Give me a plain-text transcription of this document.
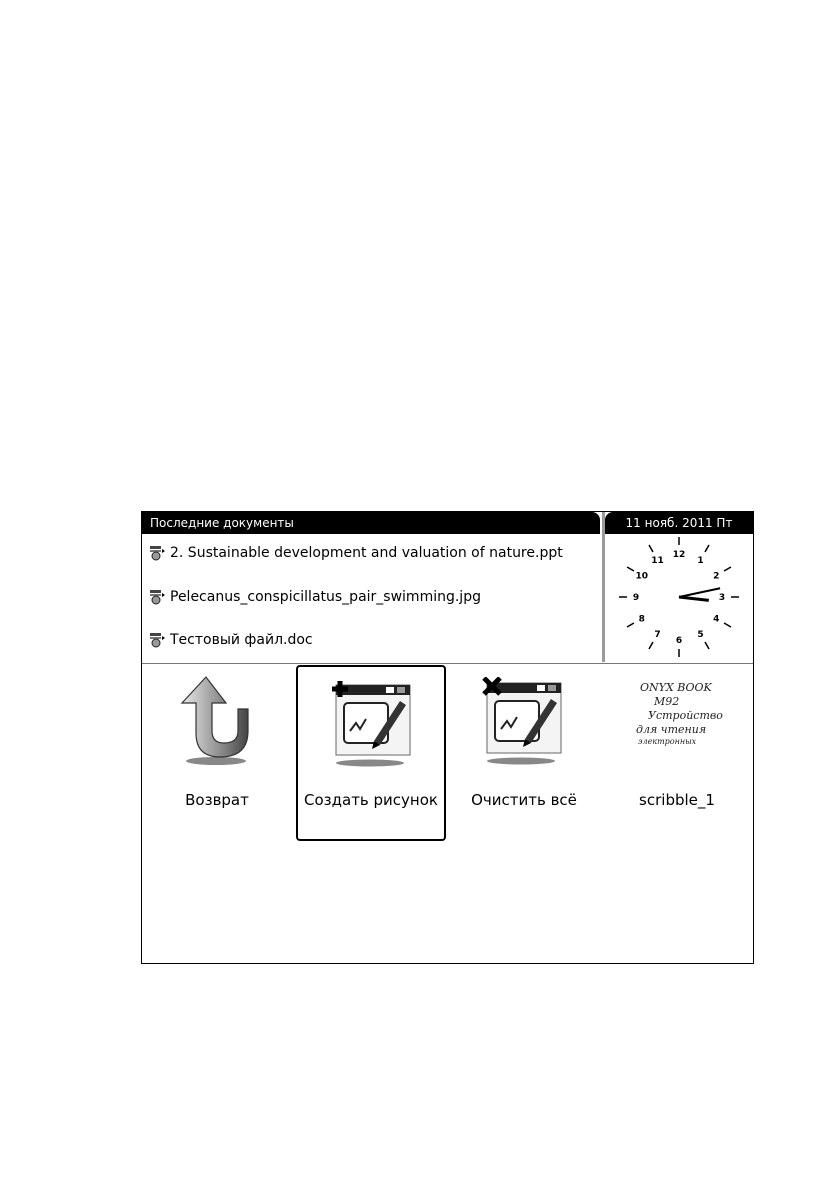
Последние документы
2. Sustainable development and valuation of nature.ppt
Pelecanus_conspicillatus_pair_swimming.jpg
Тестовый файл.doc
11 нояб. 2011 Пт
12
1
2
3
4
5
6
7
8
9
10
11
Возврат	Создать рисунок	Очистить всё
ONYX BOOK
M92
Устройство
для чтения
электронных
scribble_1
